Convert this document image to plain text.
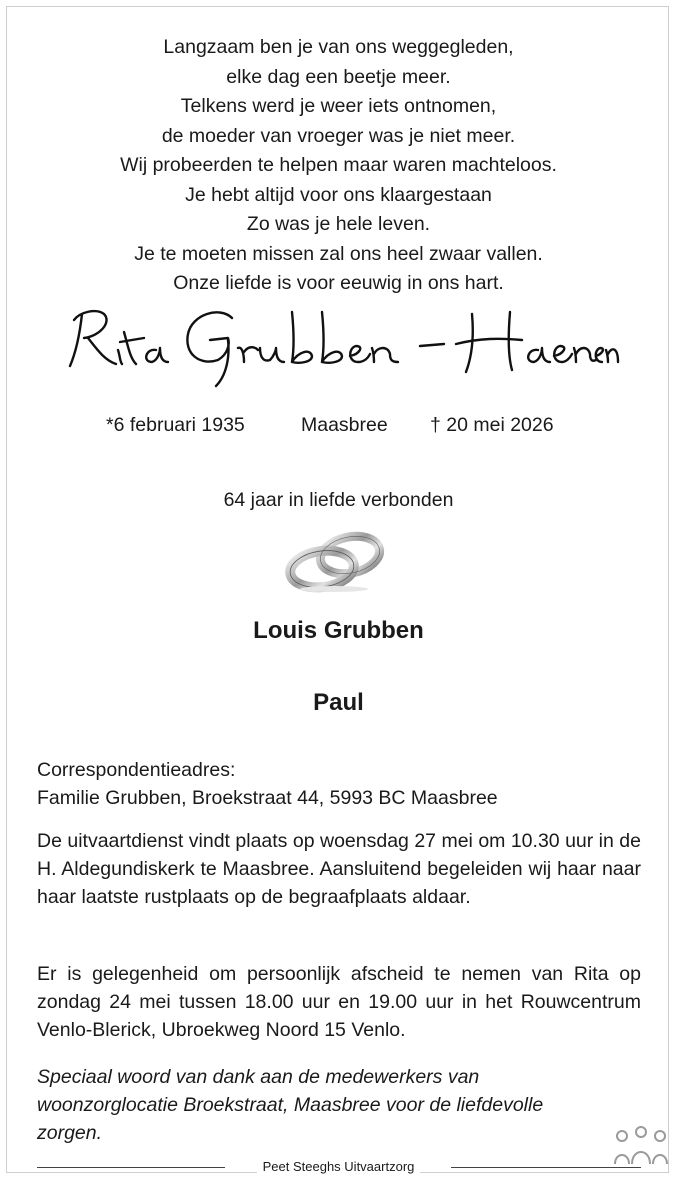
Langzaam ben je van ons weggegleden,
elke dag een beetje meer.
Telkens werd je weer iets ontnomen,
de moeder van vroeger was je niet meer.
Wij probeerden te helpen maar waren machteloos.
Je hebt altijd voor ons klaargestaan
Zo was je hele leven.
Je te moeten missen zal ons heel zwaar vallen.
Onze liefde is voor eeuwig in ons hart.
*6 februari 1935	Maasbree † 20 mei 2026
64 jaar in liefde verbonden
Louis Grubben
Paul
Correspondentieadres:
Familie Grubben, Broekstraat 44, 5993 BC Maasbree
De uitvaartdienst vindt plaats op woensdag 27 mei om 10.30 uur in de H. Aldegundiskerk te Maasbree. Aansluitend begeleiden wij haar naar haar laatste rustplaats op de begraafplaats aldaar.
Er is gelegenheid om persoonlijk afscheid te nemen van Rita op zondag 24 mei tussen 18.00 uur en 19.00 uur in het Rouwcentrum Venlo-Blerick, Ubroekweg Noord 15 Venlo.
Speciaal woord van dank aan de medewerkers van woonzorglocatie Broekstraat, Maasbree voor de liefdevolle zorgen.
Peet Steeghs Uitvaartzorg
